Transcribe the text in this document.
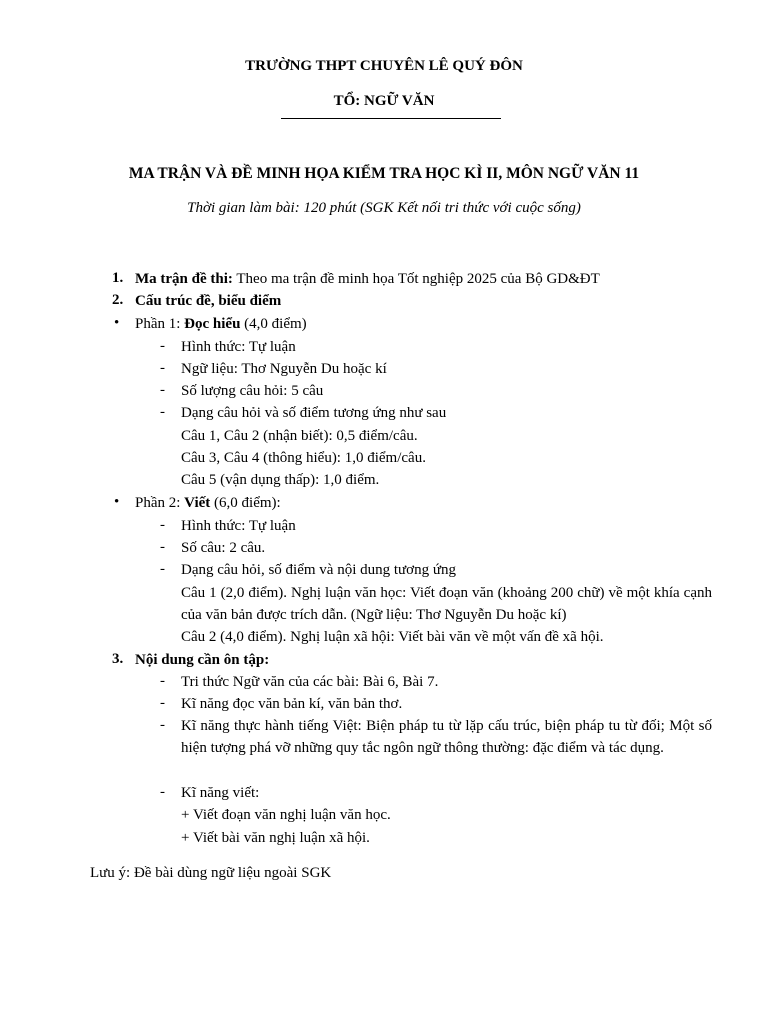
TRƯỜNG THPT CHUYÊN LÊ QUÝ ĐÔN
TỔ: NGỮ VĂN
MA TRẬN VÀ ĐỀ MINH HỌA KIỂM TRA HỌC KÌ II, MÔN NGỮ VĂN 11
Thời gian làm bài: 120 phút (SGK Kết nối tri thức với cuộc sống)
1. Ma trận đề thi: Theo ma trận đề minh họa Tốt nghiệp 2025 của Bộ GD&ĐT
2. Cấu trúc đề, biểu điểm
• Phần 1: Đọc hiểu (4,0 điểm)
- Hình thức: Tự luận
- Ngữ liệu: Thơ Nguyễn Du hoặc kí
- Số lượng câu hỏi: 5 câu
- Dạng câu hỏi và số điểm tương ứng như sau
Câu 1, Câu 2 (nhận biết): 0,5 điểm/câu.
Câu 3, Câu 4 (thông hiểu): 1,0 điểm/câu.
Câu 5 (vận dụng thấp): 1,0 điểm.
• Phần 2: Viết (6,0 điểm):
- Hình thức: Tự luận
- Số câu: 2 câu.
- Dạng câu hỏi, số điểm và nội dung tương ứng
Câu 1 (2,0 điểm). Nghị luận văn học: Viết đoạn văn (khoảng 200 chữ) về một khía cạnh của văn bản được trích dẫn. (Ngữ liệu: Thơ Nguyễn Du hoặc kí)
Câu 2 (4,0 điểm). Nghị luận xã hội: Viết bài văn về một vấn đề xã hội.
3. Nội dung cần ôn tập:
- Tri thức Ngữ văn của các bài: Bài 6, Bài 7.
- Kĩ năng đọc văn bản kí, văn bản thơ.
- Kĩ năng thực hành tiếng Việt: Biện pháp tu từ lặp cấu trúc, biện pháp tu từ đối; Một số hiện tượng phá vỡ những quy tắc ngôn ngữ thông thường: đặc điểm và tác dụng.
- Kĩ năng viết:
+ Viết đoạn văn nghị luận văn học.
+ Viết bài văn nghị luận xã hội.
Lưu ý: Đề bài dùng ngữ liệu ngoài SGK
